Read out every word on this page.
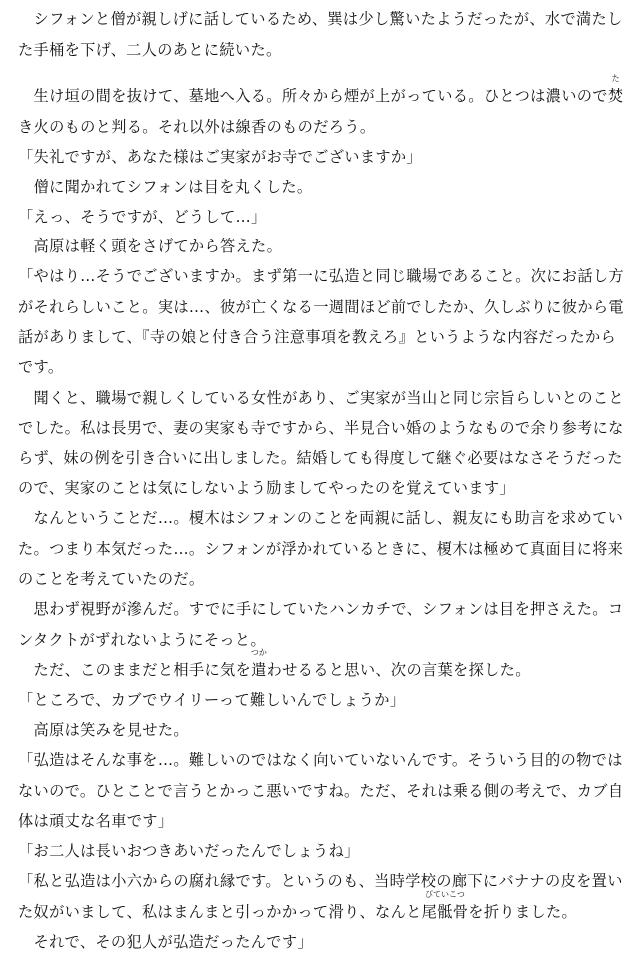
　シフォンと僧が親しげに話しているため、巽は少し驚いたようだったが、水で満たし
た手桶を下げ、二人のあとに続いた。
　生け垣の間を抜けて、墓地へ入る。所々から煙が上がっている。ひとつは濃いので
た
焚
き火のものと判る。それ以外は線香のものだろう。
「失礼ですが、あなた様はご実家がお寺でございますか」
　僧に聞かれてシフォンは目を丸くした。
「えっ、そうですが、どうして…」
　高原は軽く頭をさげてから答えた。
「やはり…そうでございますか。まず第一に弘造と同じ職場であること。次にお話し方
がそれらしいこと。実は…、彼が亡くなる一週間ほど前でしたか、久しぶりに彼から電
話がありまして、『寺の娘と付き合う注意事項を教えろ』というような内容だったから
です。
　聞くと、職場で親しくしている女性があり、ご実家が当山と同じ宗旨らしいとのこと
でした。私は長男で、妻の実家も寺ですから、半見合い婚のようなもので余り参考にな
らず、妹の例を引き合いに出しました。結婚しても得度して継ぐ必要はなさそうだった
ので、実家のことは気にしないよう励ましてやったのを覚えています」
　なんということだ…。榎木はシフォンのことを両親に話し、親友にも助言を求めてい
た。つまり本気だった…。シフォンが浮かれているときに、榎木は極めて真面目に将来
のことを考えていたのだ。
　思わず視野が滲んだ。すでに手にしていたハンカチで、シフォンは目を押さえた。コ
ンタクトがずれないようにそっと。
　ただ、このままだと相手に気を
つか
遣わせるると思い、次の言葉を探した。
「ところで、カブでウイリーって難しいんでしょうか」
　高原は笑みを見せた。
「弘造はそんな事を…。難しいのではなく向いていないんです。そういう目的の物では
ないので。ひとことで言うとかっこ悪いですね。ただ、それは乗る側の考えで、カブ自
体は頑丈な名車です」
「お二人は長いおつきあいだったんでしょうね」
「私と弘造は小六からの腐れ縁です。というのも、当時学校の廊下にバナナの皮を置い
た奴がいまして、私はまんまと引っかかって滑り、なんと
びていこつ
尾骶骨を折りました。
　それで、その犯人が弘造だったんです」
